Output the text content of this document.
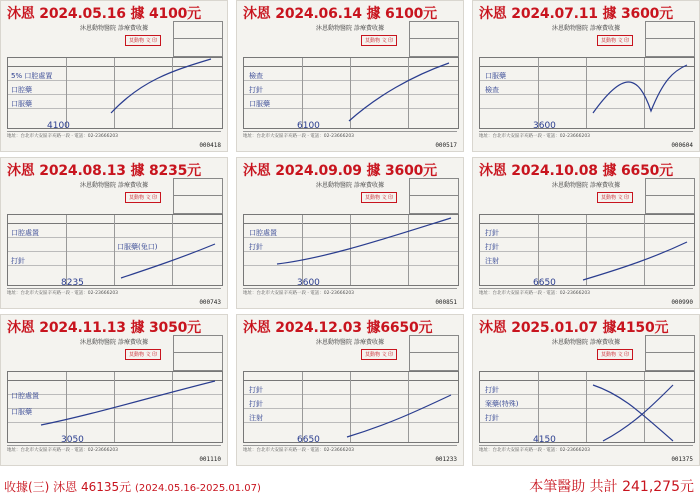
沐恩 2024.05.16 據 4100元
沐恩動物醫院 診療費收據
莫動物 文 印
5% 口腔處置
口腔藥
口服藥
4100
地址：台北市大安區辛亥路一段 · 電話：02-23666203
000418
沐恩 2024.06.14 據 6100元
沐恩動物醫院 診療費收據
莫動物 文 印
檢查
打針
口服藥
6100
地址：台北市大安區辛亥路一段 · 電話：02-23666203
000517
沐恩 2024.07.11 據 3600元
沐恩動物醫院 診療費收據
莫動物 文 印
口服藥
檢查
3600
地址：台北市大安區辛亥路一段 · 電話：02-23666203
000604
沐恩 2024.08.13 據 8235元
沐恩動物醫院 診療費收據
莫動物 文 印
口腔處置
口服藥(兔口)
打針
8235
地址：台北市大安區辛亥路一段 · 電話：02-23666203
000743
沐恩 2024.09.09 據 3600元
沐恩動物醫院 診療費收據
莫動物 文 印
口腔處置
打針
3600
地址：台北市大安區辛亥路一段 · 電話：02-23666203
000851
沐恩 2024.10.08 據 6650元
沐恩動物醫院 診療費收據
莫動物 文 印
打針
打針
注射
6650
地址：台北市大安區辛亥路一段 · 電話：02-23666203
000990
沐恩 2024.11.13 據 3050元
沐恩動物醫院 診療費收據
莫動物 文 印
口腔處置
口服藥
3050
地址：台北市大安區辛亥路一段 · 電話：02-23666203
001110
沐恩 2024.12.03 據6650元
沐恩動物醫院 診療費收據
莫動物 文 印
打針
打針
注射
6650
地址：台北市大安區辛亥路一段 · 電話：02-23666203
001233
沐恩 2025.01.07 據4150元
沐恩動物醫院 診療費收據
莫動物 文 印
打針
案藥(特殊)
打針
4150
地址：台北市大安區辛亥路一段 · 電話：02-23666203
001375
收據(三) 沐恩 46135元 (2024.05.16-2025.01.07)	本筆醫助 共計 241,275元
